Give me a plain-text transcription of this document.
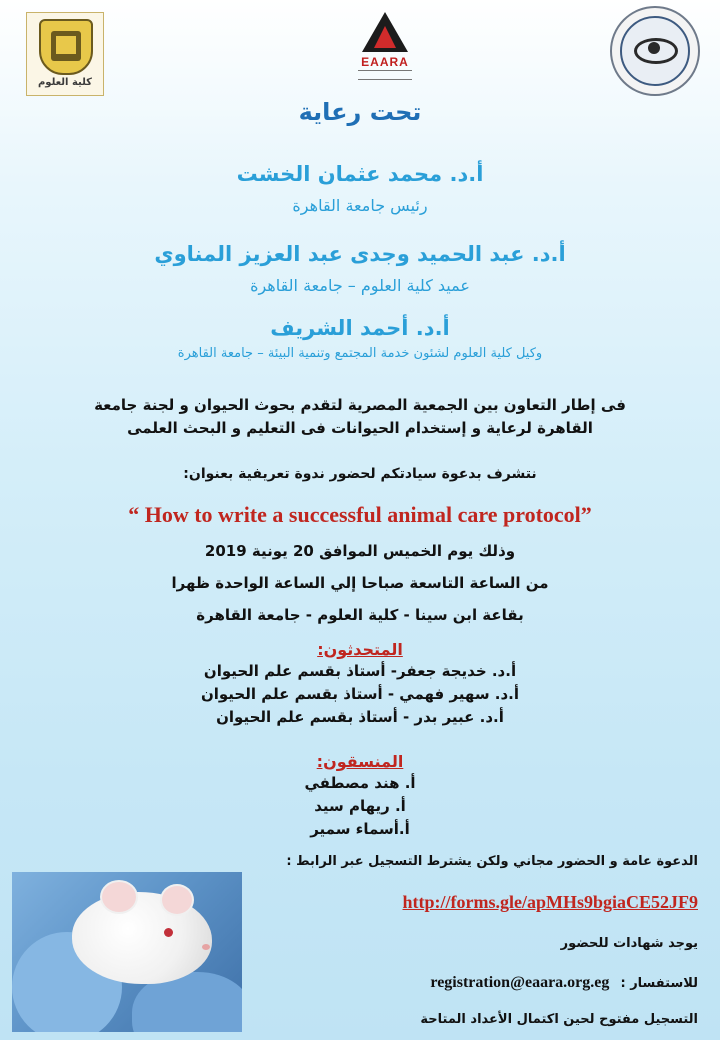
كلية العلوم
EAARA
تحت رعاية
أ.د. محمد عثمان الخشت
رئيس جامعة القاهرة
أ.د. عبد الحميد وجدى عبد العزيز المناوي
عميد كلية العلوم – جامعة القاهرة
أ.د. أحمد الشريف
وكيل كلية العلوم لشئون خدمة المجتمع وتنمية البيئة – جامعة القاهرة
فى إطار التعاون بين الجمعية المصرية لتقدم بحوث الحيوان و لجنة جامعة
القاهرة لرعاية و إستخدام الحيوانات فى التعليم و البحث العلمى
نتشرف بدعوة سيادتكم لحضور ندوة تعريفية بعنوان:
“ How to write a successful animal care protocol”
وذلك يوم الخميس الموافق 20 يونية 2019
من الساعة التاسعة صباحا إلي الساعة الواحدة ظهرا
بقاعة ابن سينا - كلية العلوم - جامعة القاهرة
المتحدثون:
أ.د. خديجة جعفر- أستاذ بقسم علم الحيوان
أ.د. سهير فهمي - أستاذ بقسم علم الحيوان
أ.د. عبير بدر - أستاذ بقسم علم الحيوان
المنسقون:
أ. هند مصطفي
أ. ريهام سيد
أ.أسماء سمير
الدعوة عامة و الحضور مجاني ولكن يشترط التسجيل عبر الرابط :
http://forms.gle/apMHs9bgiaCE52JF9
يوجد شهادات للحضور
registration@eaara.org.eg للاستفسار :
التسجيل مفتوح لحين اكتمال الأعداد المتاحة
